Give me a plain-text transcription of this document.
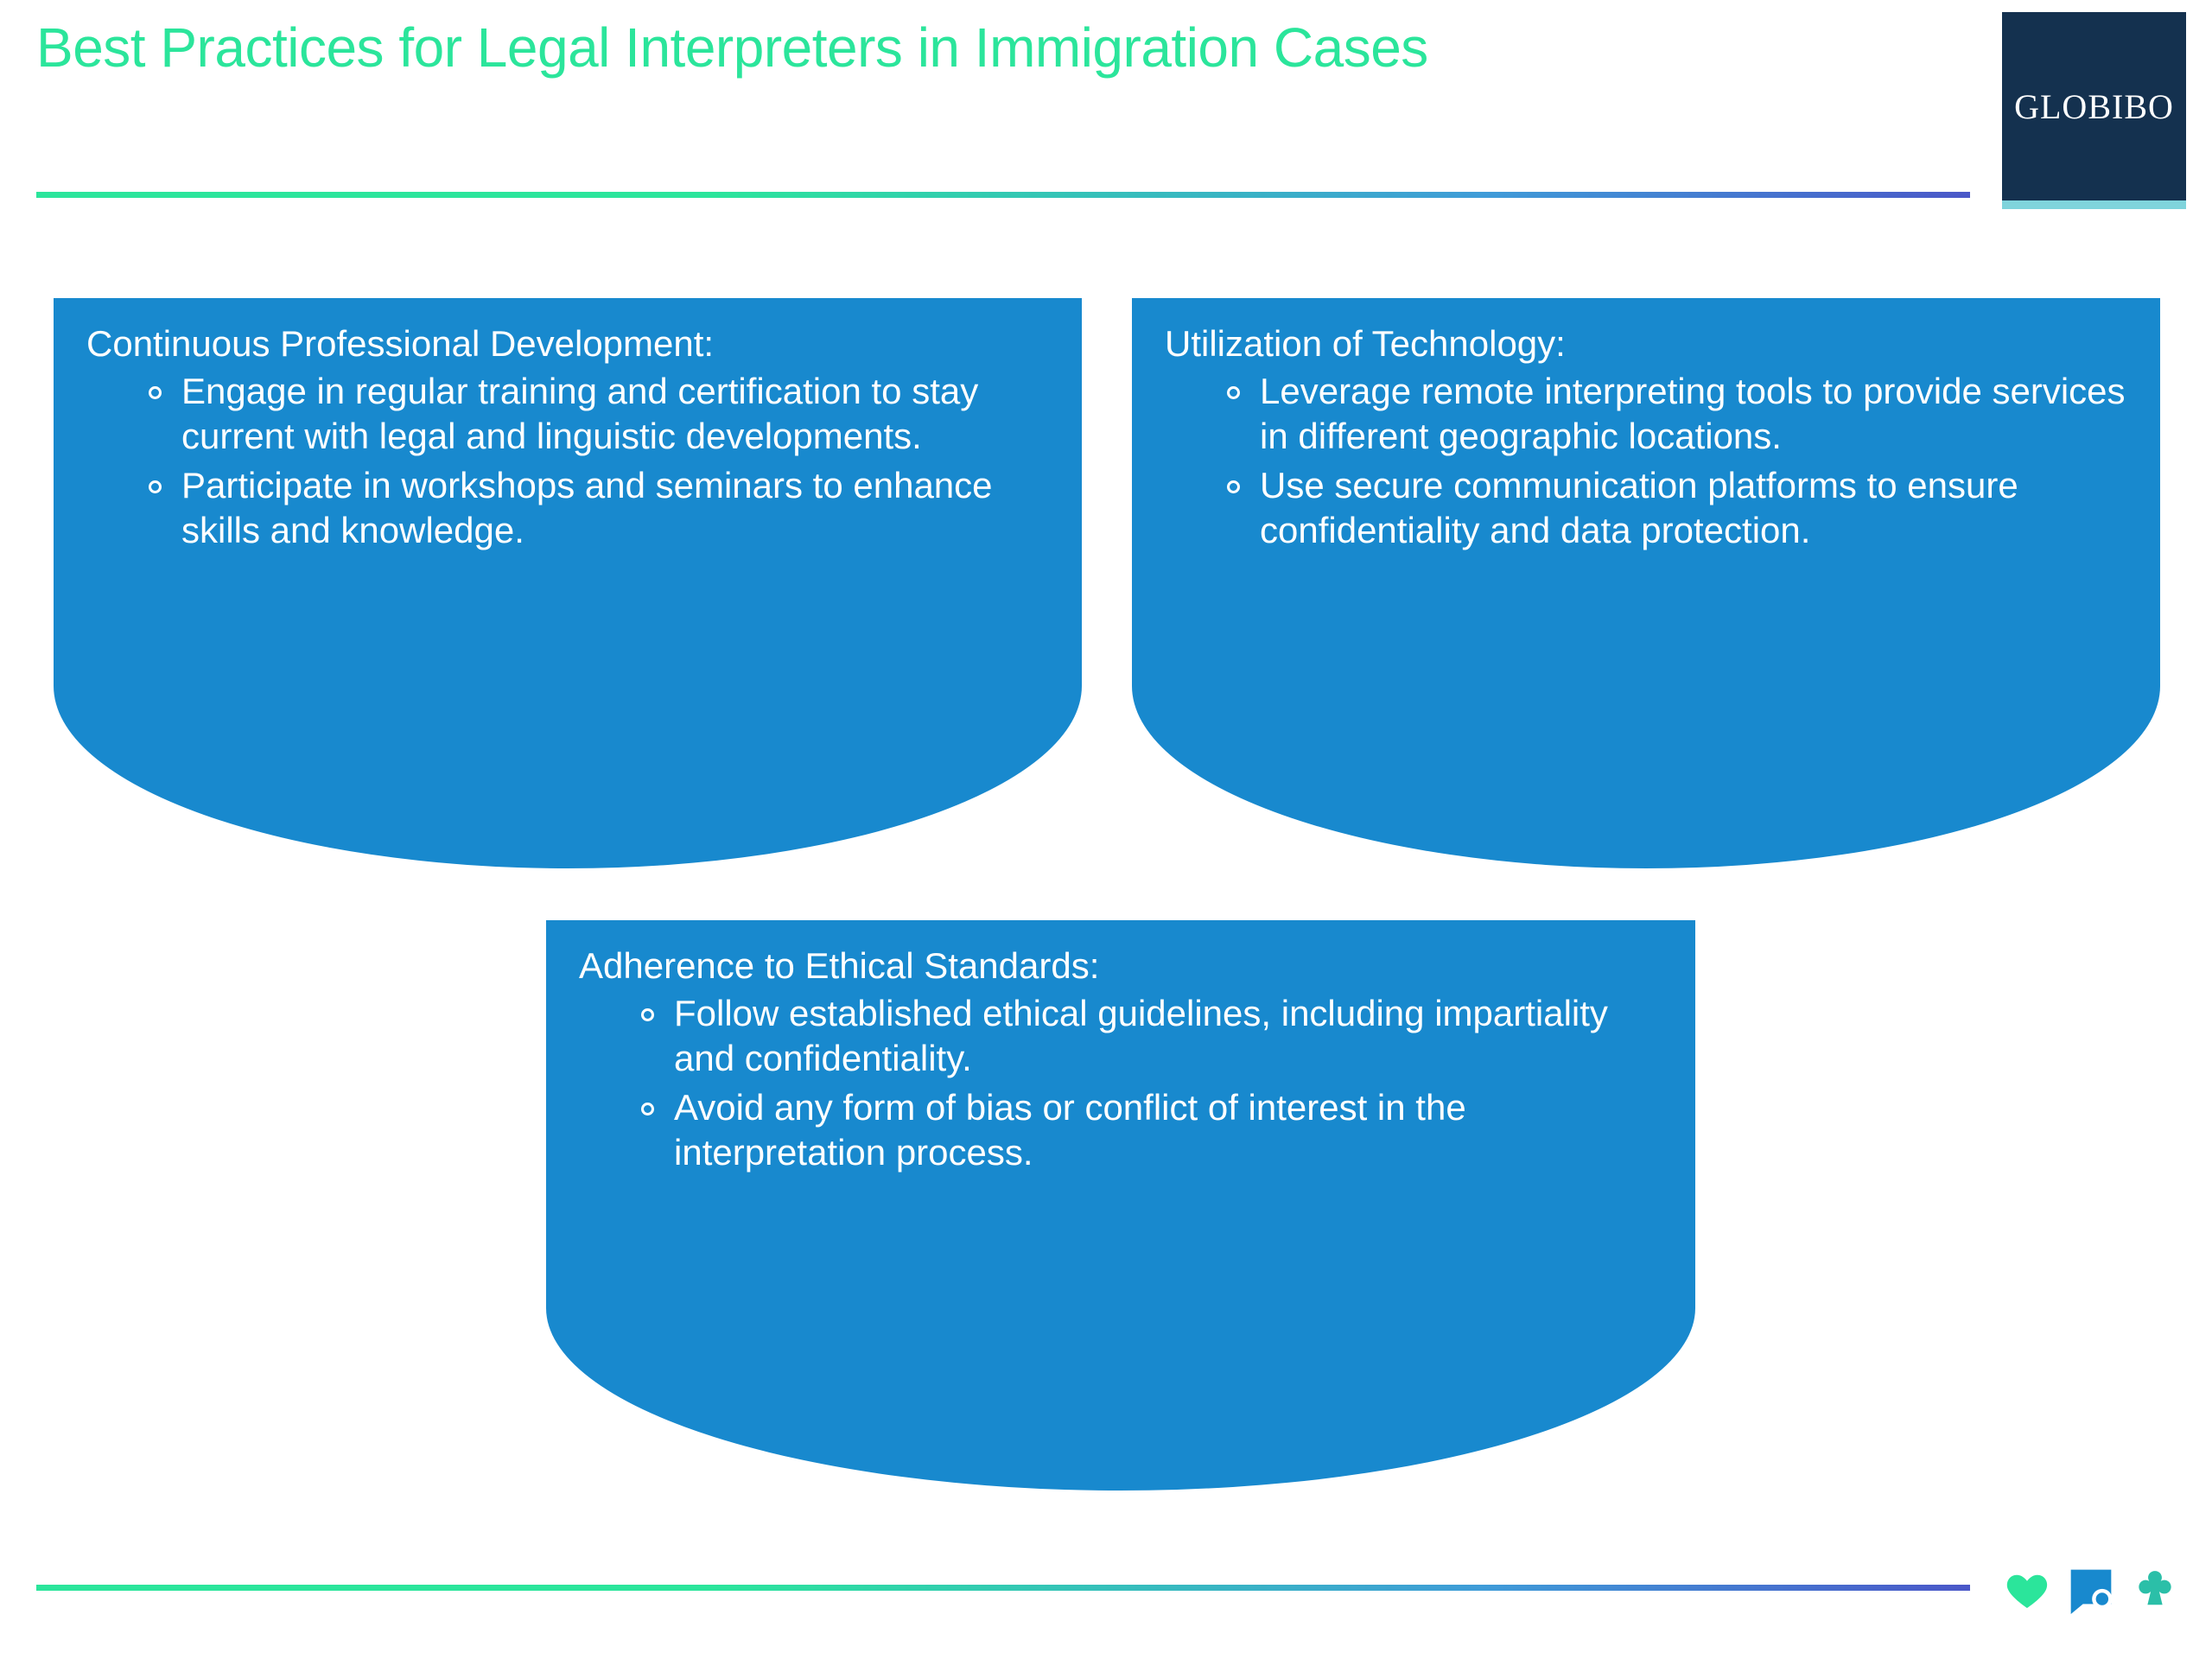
Best Practices for Legal Interpreters in Immigration Cases
GLOBIBO
Continuous Professional Development:
Engage in regular training and certification to stay current with legal and linguistic developments.
Participate in workshops and seminars to enhance skills and knowledge.
Utilization of Technology:
Leverage remote interpreting tools to provide services in different geographic locations.
Use secure communication platforms to ensure confidentiality and data protection.
Adherence to Ethical Standards:
Follow established ethical guidelines, including impartiality and confidentiality.
Avoid any form of bias or conflict of interest in the interpretation process.
